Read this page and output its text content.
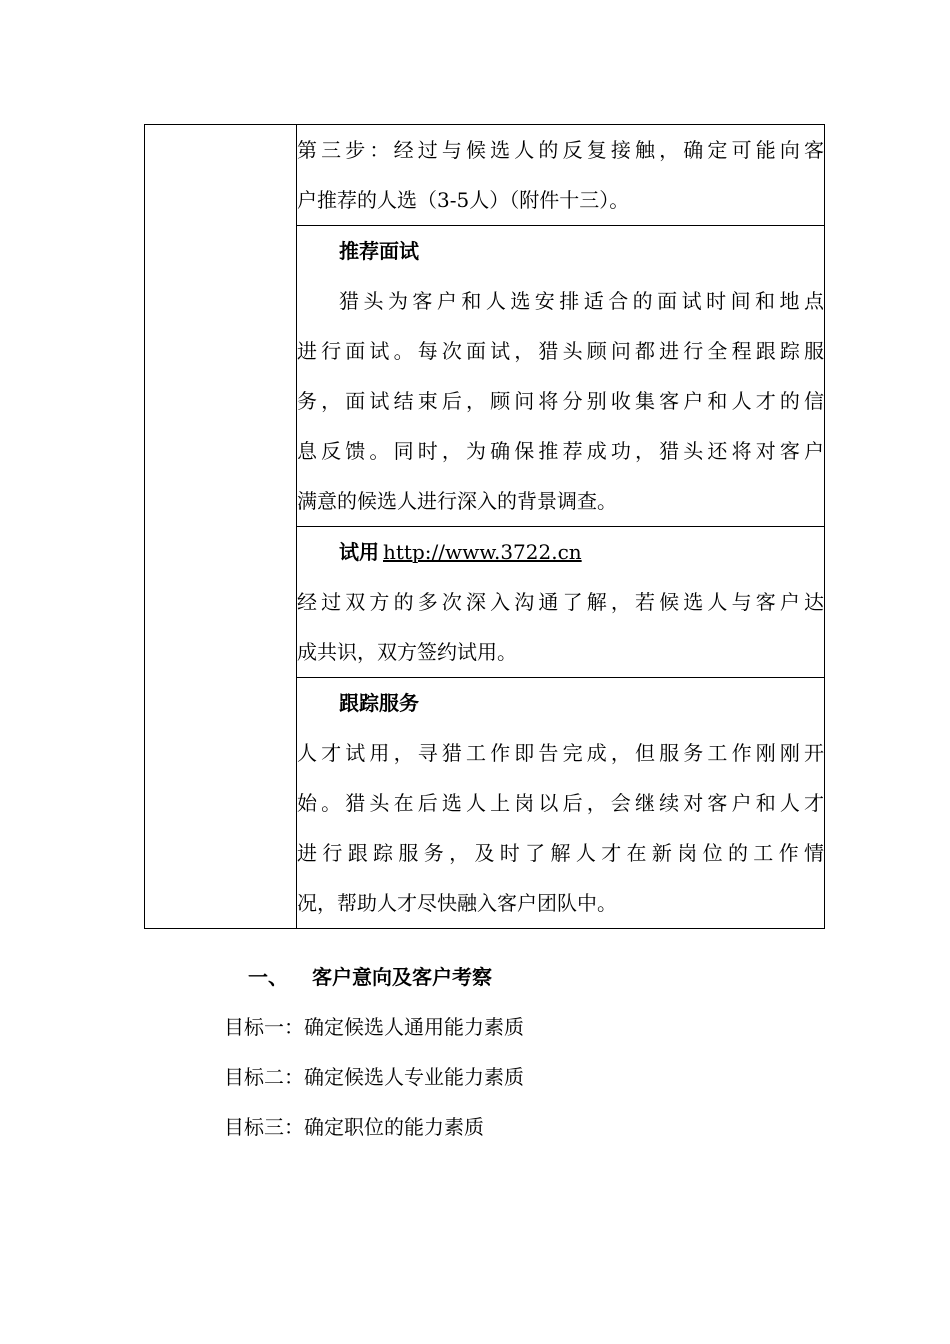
第三步：经过与候选人的反复接触，确定可能向客
户推荐的人选（3-5人）（附件十三）。

推荐面试
猎头为客户和人选安排适合的面试时间和地点
进行面试。每次面试，猎头顾问都进行全程跟踪服
务，面试结束后，顾问将分别收集客户和人才的信
息反馈。同时，为确保推荐成功，猎头还将对客户
满意的候选人进行深入的背景调查。

试用 http://www.3722.cn
经过双方的多次深入沟通了解，若候选人与客户达
成共识，双方签约试用。

跟踪服务
人才试用，寻猎工作即告完成，但服务工作刚刚开
始。猎头在后选人上岗以后，会继续对客户和人才
进行跟踪服务，及时了解人才在新岗位的工作情
况，帮助人才尽快融入客户团队中。
一、 客户意向及客户考察
目标一：确定候选人通用能力素质
目标二：确定候选人专业能力素质
目标三：确定职位的能力素质
